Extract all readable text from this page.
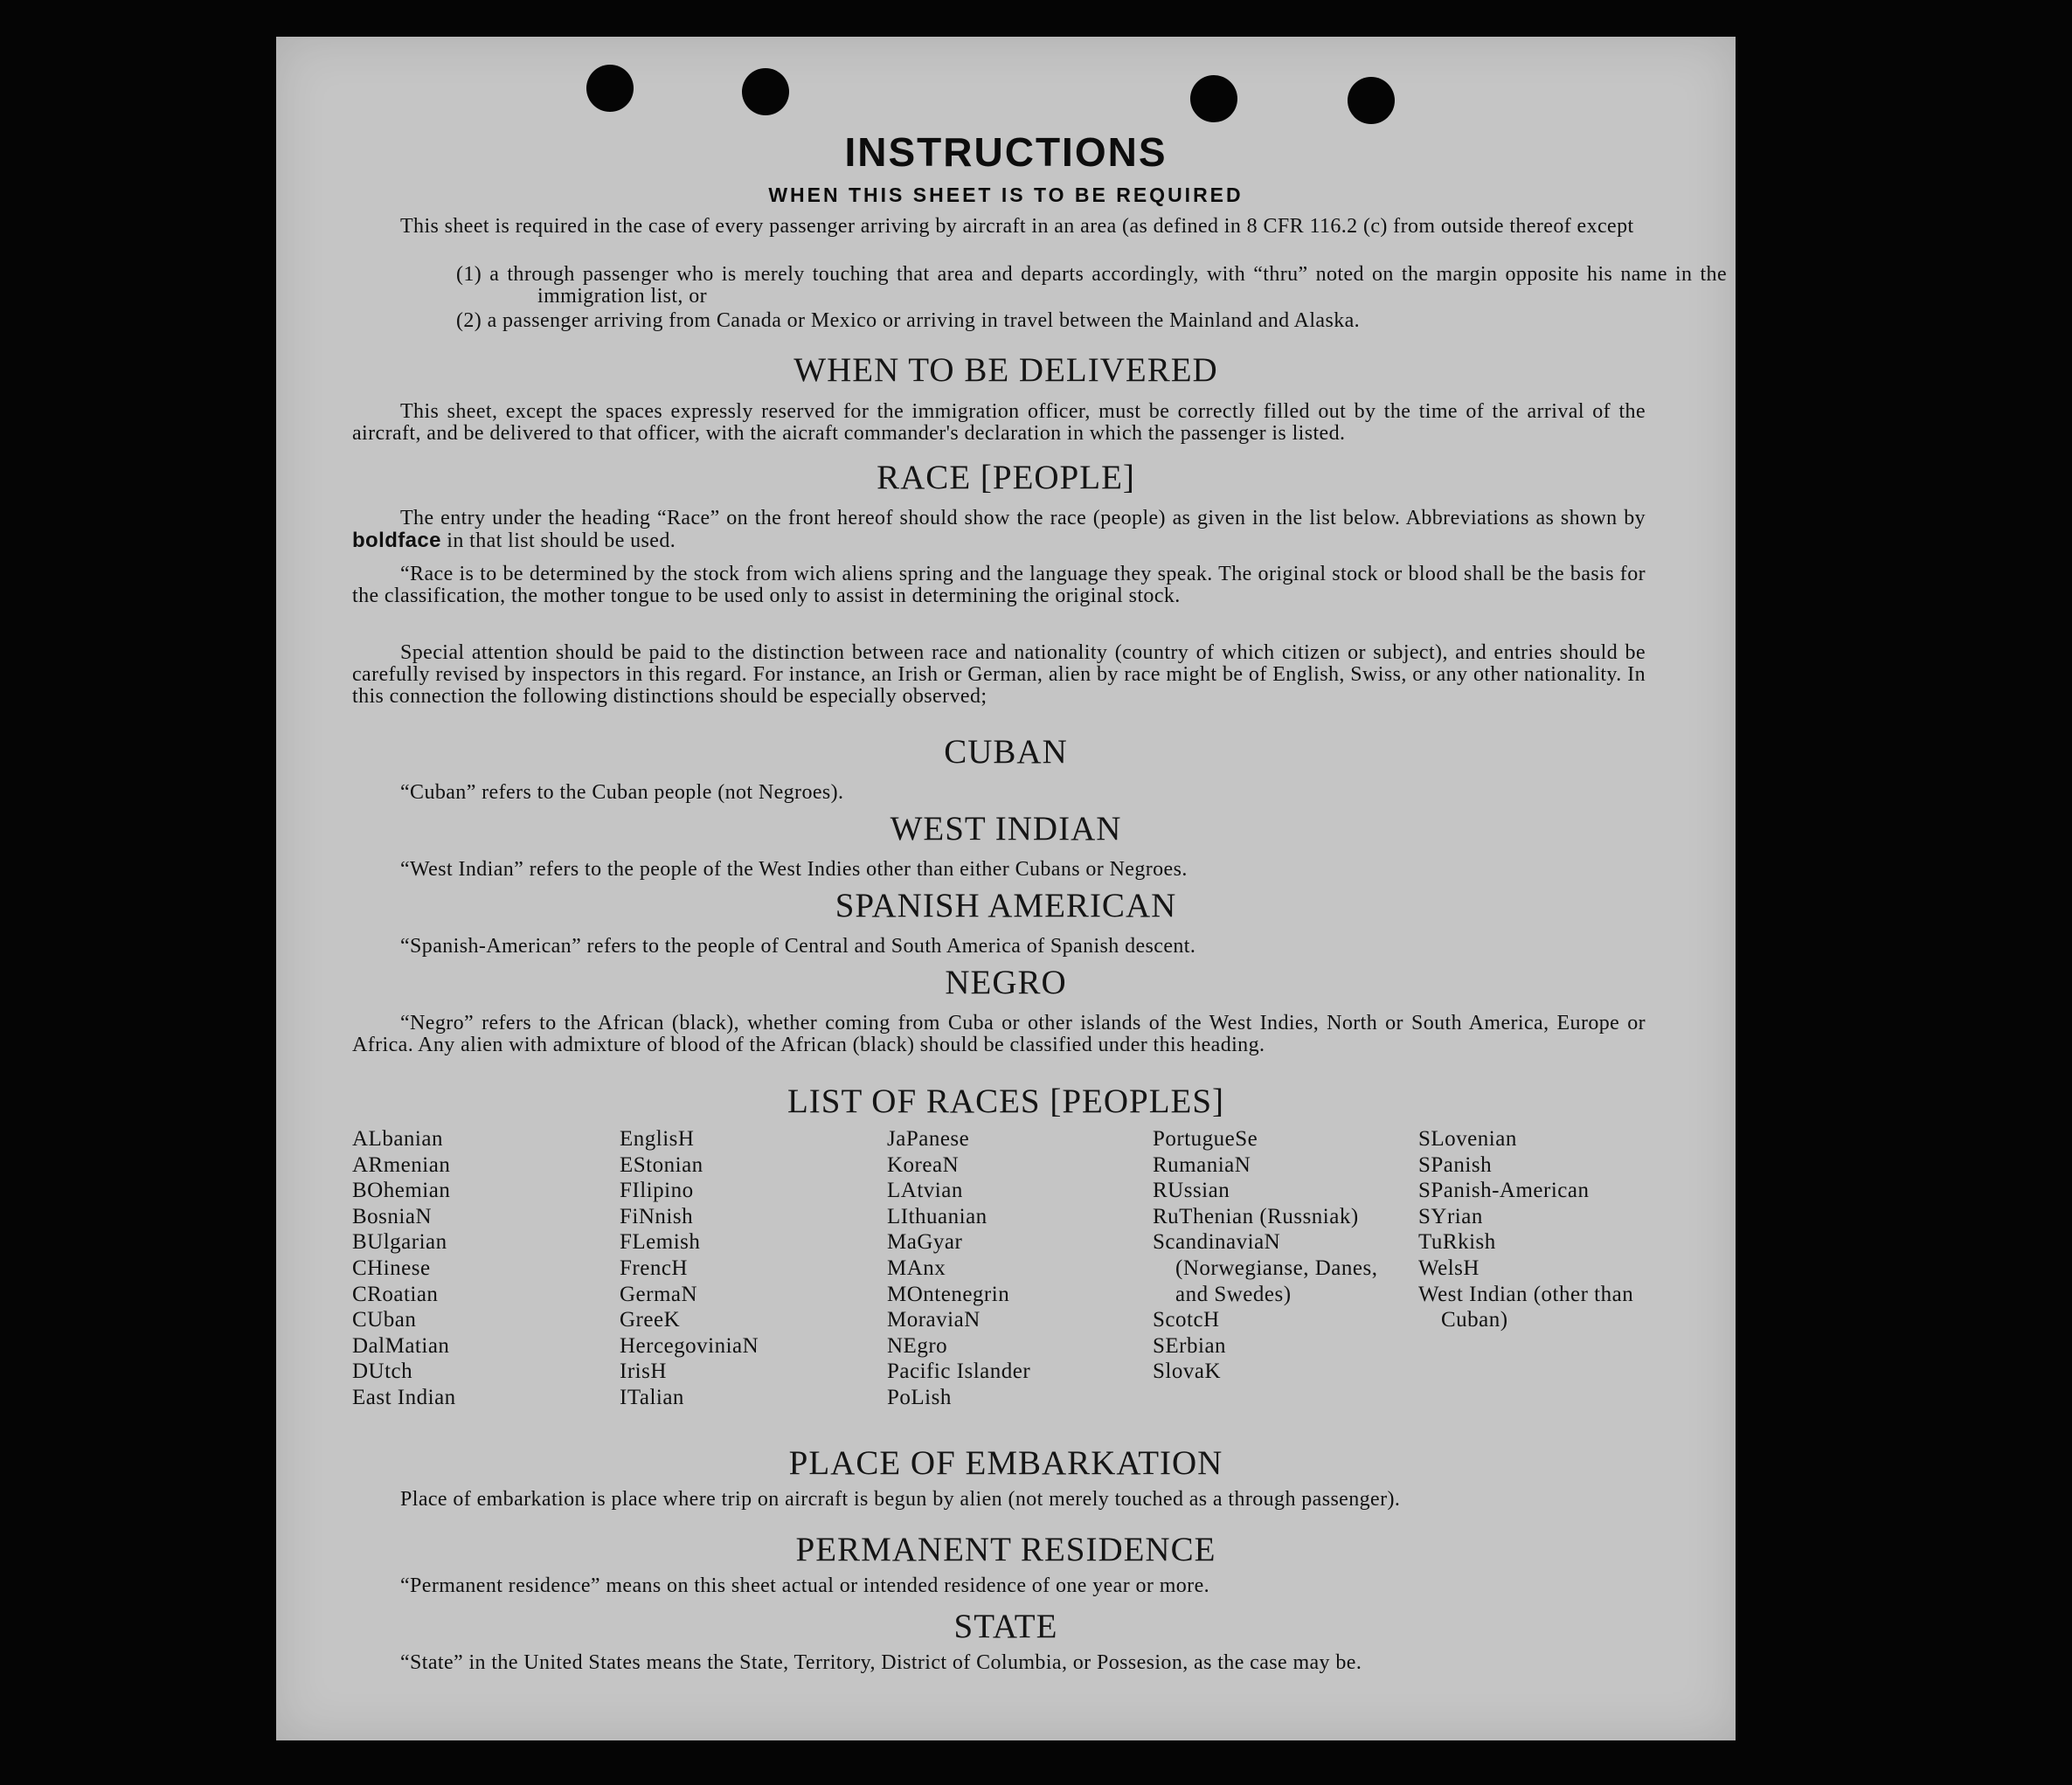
INSTRUCTIONS
WHEN THIS SHEET IS TO BE REQUIRED
This sheet is required in the case of every passenger arriving by aircraft in an area (as defined in 8 CFR 116.2 (c) from outside thereof except
(1) a through passenger who is merely touching that area and departs accordingly, with “thru” noted on the margin opposite his name in the immigration list, or
(2) a passenger arriving from Canada or Mexico or arriving in travel between the Mainland and Alaska.
WHEN TO BE DELIVERED
This sheet, except the spaces expressly reserved for the immigration officer, must be correctly filled out by the time of the arrival of the aircraft, and be delivered to that officer, with the aicraft commander's declaration in which the passenger is listed.
RACE [PEOPLE]
The entry under the heading “Race” on the front hereof should show the race (people) as given in the list below. Abbreviations as shown by boldface in that list should be used.
“Race is to be determined by the stock from wich aliens spring and the language they speak. The original stock or blood shall be the basis for the classification, the mother tongue to be used only to assist in determining the original stock.
Special attention should be paid to the distinction between race and nationality (country of which citizen or subject), and entries should be carefully revised by inspectors in this regard. For instance, an Irish or German, alien by race might be of English, Swiss, or any other nationality. In this connection the following distinctions should be especially observed;
CUBAN
“Cuban” refers to the Cuban people (not Negroes).
WEST INDIAN
“West Indian” refers to the people of the West Indies other than either Cubans or Negroes.
SPANISH AMERICAN
“Spanish-American” refers to the people of Central and South America of Spanish descent.
NEGRO
“Negro” refers to the African (black), whether coming from Cuba or other islands of the West Indies, North or South America, Europe or Africa. Any alien with admixture of blood of the African (black) should be classified under this heading.
LIST OF RACES [PEOPLES]
ALbanian
ARmenian
BOhemian
BosniaN
BUlgarian
CHinese
CRoatian
CUban
DalMatian
DUtch
East Indian
EnglisH
EStonian
FIlipino
FiNnish
FLemish
FrencH
GermaN
GreeK
HercegoviniaN
IrisH
ITalian
JaPanese
KoreaN
LAtvian
LIthuanian
MaGyar
MAnx
MOntenegrin
MoraviaN
NEgro
Pacific Islander
PoLish
PortugueSe
RumaniaN
RUssian
RuThenian (Russniak)
ScandinaviaN (Norwegianse, Danes, and Swedes)
ScotcH
SErbian
SlovaK
SLovenian
SPanish
SPanish-American
SYrian
TuRkish
WelsH
West Indian (other than Cuban)
PLACE OF EMBARKATION
Place of embarkation is place where trip on aircraft is begun by alien (not merely touched as a through passenger).
PERMANENT RESIDENCE
“Permanent residence” means on this sheet actual or intended residence of one year or more.
STATE
“State” in the United States means the State, Territory, District of Columbia, or Possesion, as the case may be.
